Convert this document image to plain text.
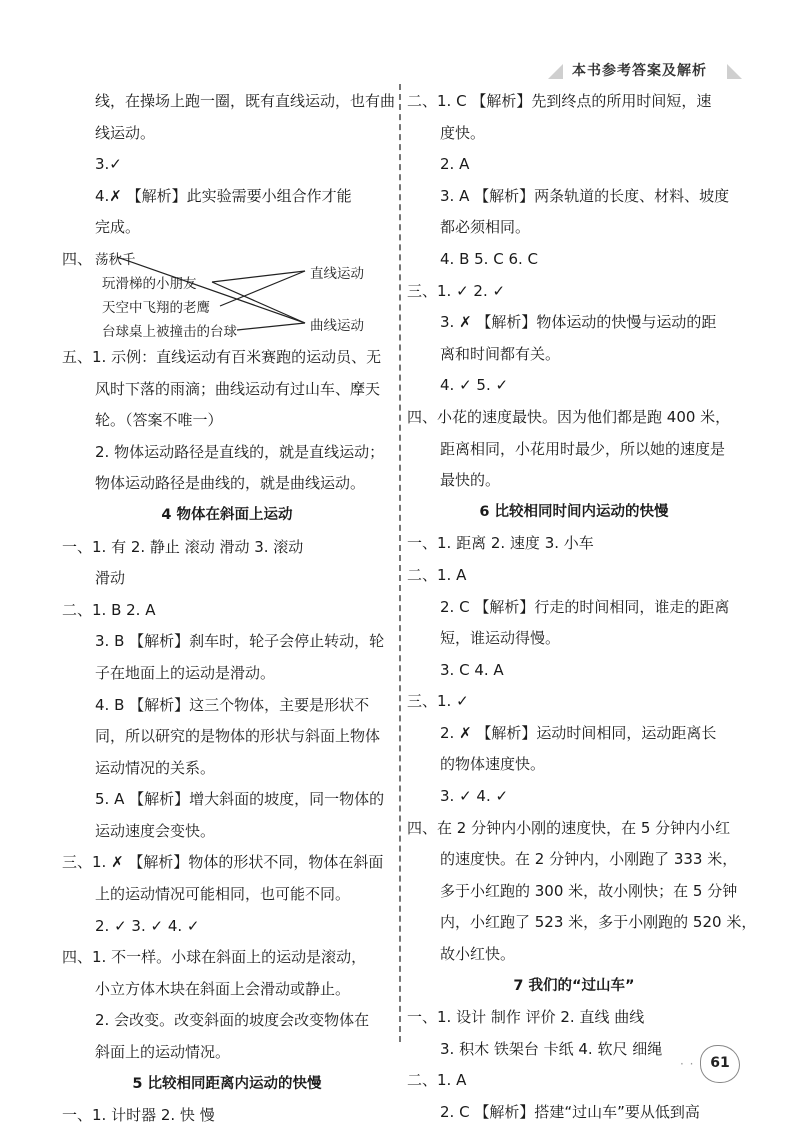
本书参考答案及解析
线，在操场上跑一圈，既有直线运动，也有曲
线运动。
3.✓
4.✗ 【解析】此实验需要小组合作才能
完成。
四、 荡秋千
玩滑梯的小朋友
天空中飞翔的老鹰
台球桌上被撞击的台球
直线运动
曲线运动
五、1. 示例：直线运动有百米赛跑的运动员、无
风时下落的雨滴；曲线运动有过山车、摩天
轮。（答案不唯一）
2. 物体运动路径是直线的，就是直线运动；
物体运动路径是曲线的，就是曲线运动。
4 物体在斜面上运动
一、1. 有 2. 静止 滚动 滑动 3. 滚动
滑动
二、1. B 2. A
3. B 【解析】刹车时，轮子会停止转动，轮
子在地面上的运动是滑动。
4. B 【解析】这三个物体，主要是形状不
同，所以研究的是物体的形状与斜面上物体
运动情况的关系。
5. A 【解析】增大斜面的坡度，同一物体的
运动速度会变快。
三、1. ✗ 【解析】物体的形状不同，物体在斜面
上的运动情况可能相同，也可能不同。
2. ✓ 3. ✓ 4. ✓
四、1. 不一样。小球在斜面上的运动是滚动，
小立方体木块在斜面上会滑动或静止。
2. 会改变。改变斜面的坡度会改变物体在
斜面上的运动情况。
5 比较相同距离内运动的快慢
一、1. 计时器 2. 快 慢
二、1. C 【解析】先到终点的所用时间短，速
度快。
2. A
3. A 【解析】两条轨道的长度、材料、坡度
都必须相同。
4. B 5. C 6. C
三、1. ✓ 2. ✓
3. ✗ 【解析】物体运动的快慢与运动的距
离和时间都有关。
4. ✓ 5. ✓
四、小花的速度最快。因为他们都是跑 400 米，
距离相同，小花用时最少，所以她的速度是
最快的。
6 比较相同时间内运动的快慢
一、1. 距离 2. 速度 3. 小车
二、1. A
2. C 【解析】行走的时间相同，谁走的距离
短，谁运动得慢。
3. C 4. A
三、1. ✓
2. ✗ 【解析】运动时间相同，运动距离长
的物体速度快。
3. ✓ 4. ✓
四、在 2 分钟内小刚的速度快，在 5 分钟内小红
的速度快。在 2 分钟内，小刚跑了 333 米，
多于小红跑的 300 米，故小刚快；在 5 分钟
内，小红跑了 523 米，多于小刚跑的 520 米，
故小红快。
7 我们的“过山车”
一、1. 设计 制作 评价 2. 直线 曲线
3. 积木 铁架台 卡纸 4. 软尺 细绳
二、1. A
2. C 【解析】搭建“过山车”要从低到高
· ·	61
